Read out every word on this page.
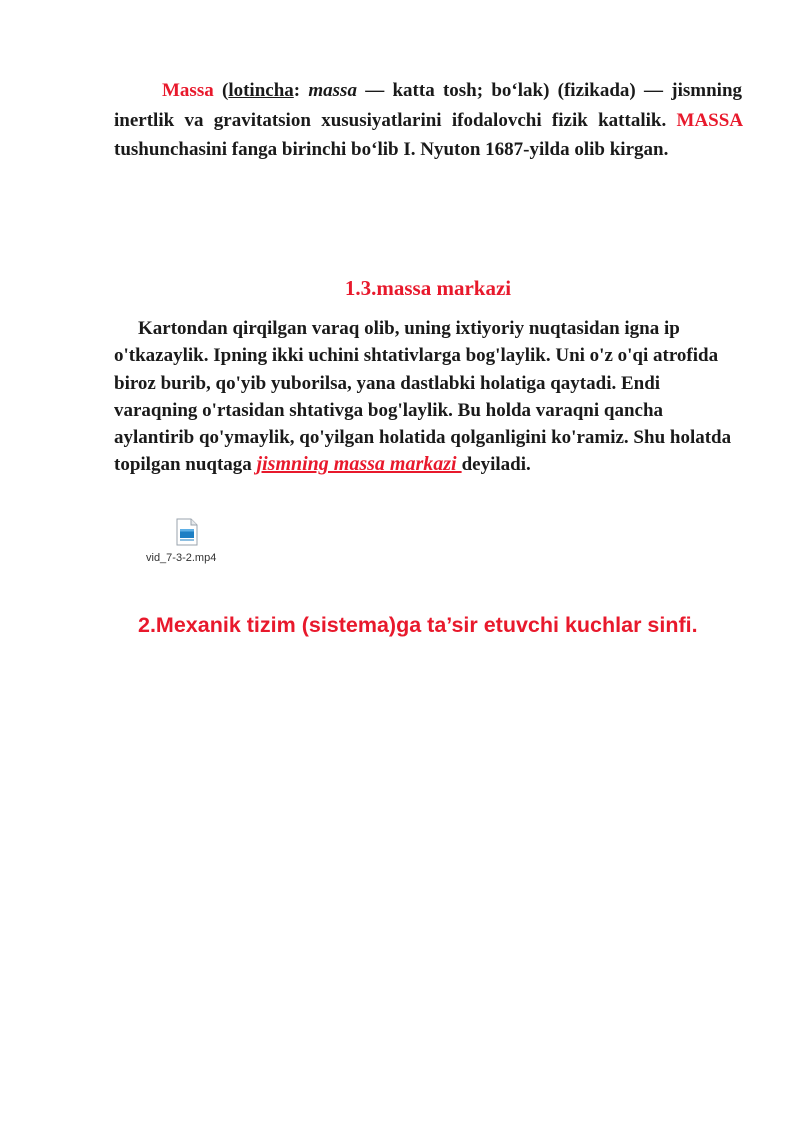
Massa (lotincha: massa — katta tosh; bo‘lak) (fizikada) — jismning inertlik va gravitatsion xususiyatlarini ifodalovchi fizik kattalik. MASSA tushunchasini fanga birinchi bo‘lib I. Nyuton 1687-yilda olib kirgan.

1.3.massa markazi

Kartondan qirqilgan varaq olib, uning ixtiyoriy nuqtasidan igna ip o'tkazaylik. Ipning ikki uchini shtativlarga bog'laylik. Uni o'z o'qi atrofida biroz burib, qo'yib yuborilsa, yana dastlabki holatiga qaytadi. Endi varaqning o'rtasidan shtativga bog'laylik. Bu holda varaqni qancha aylantirib qo'ymaylik, qo'yilgan holatida qolganligini ko'ramiz. Shu holatda topilgan nuqtaga jismning massa markazi deyiladi.

vid_7-3-2.mp4

2.Mexanik tizim (sistema)ga ta’sir etuvchi kuchlar sinfi.
